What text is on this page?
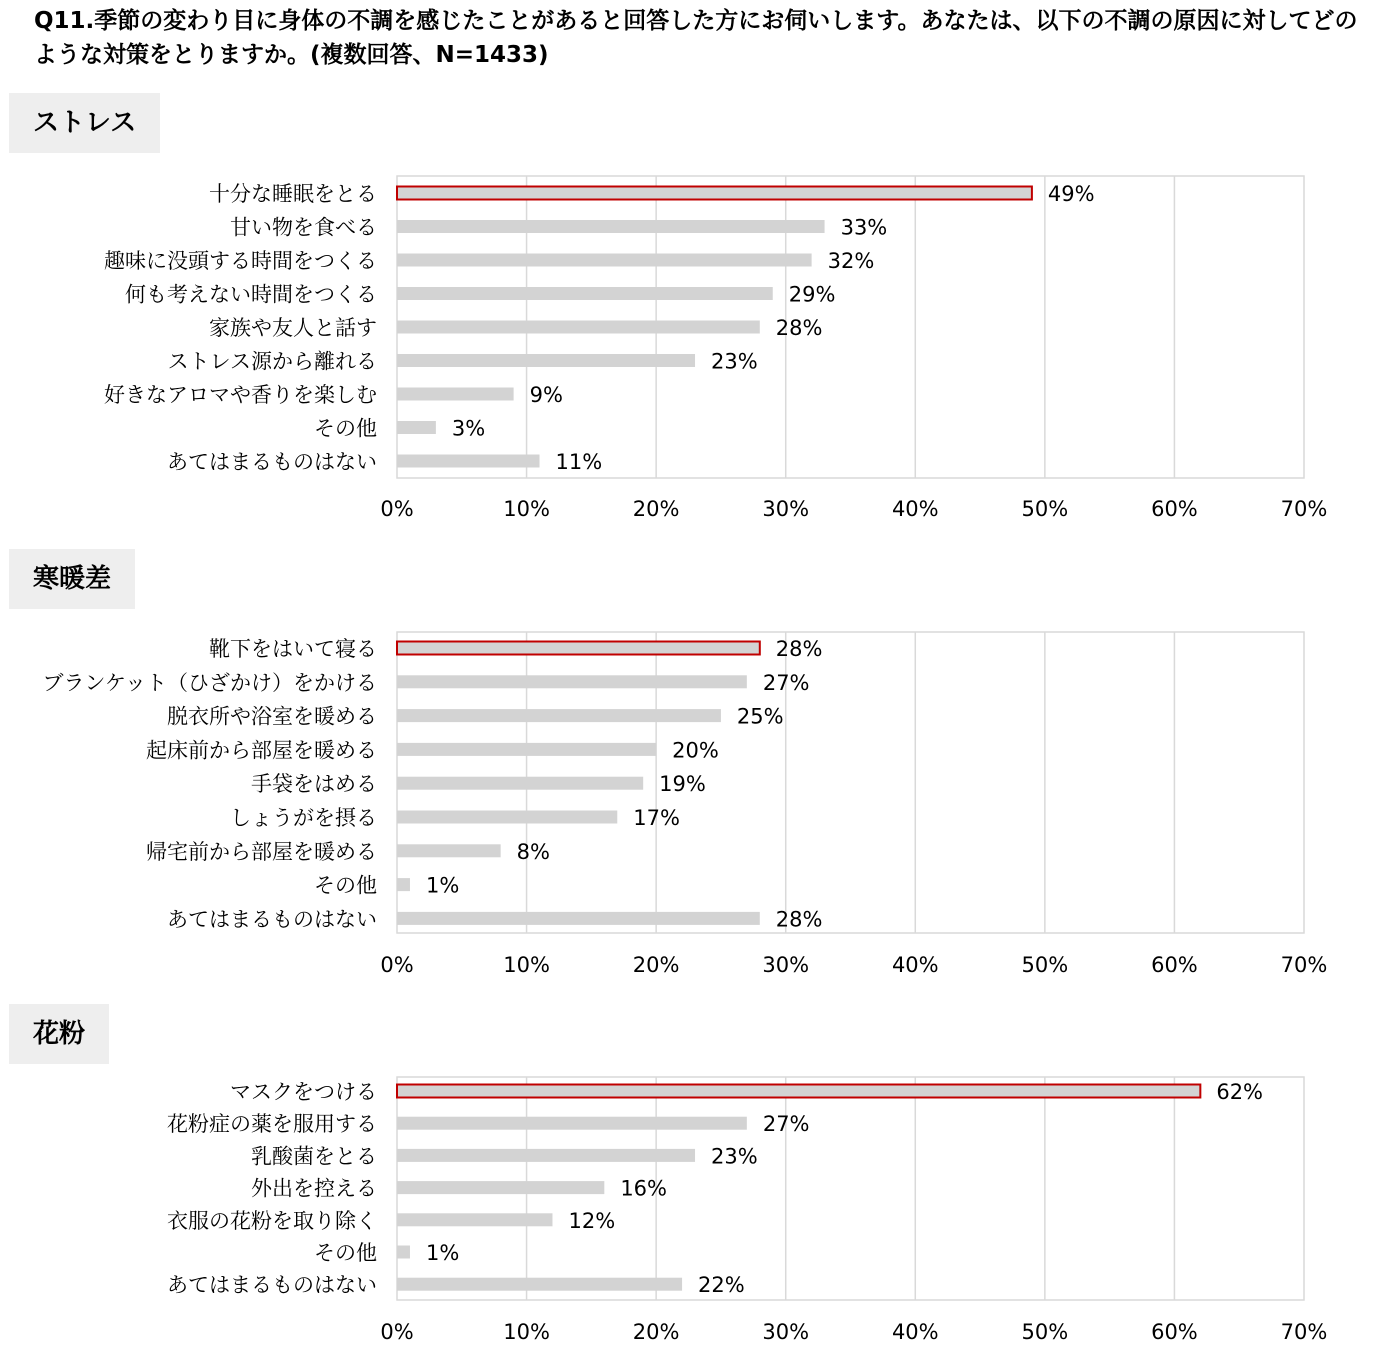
Q11.季節の変わり目に身体の不調を感じたことがあると回答した方にお伺いします。あなたは、以下の不調の原因に対してどのような対策をとりますか。(複数回答、N=1433)
ストレス
0%	10%	20%	30%	40%	50%	60%	70%
十分な睡眠をとる	49%
甘い物を食べる	33%
趣味に没頭する時間をつくる	32%
何も考えない時間をつくる	29%
家族や友人と話す	28%
ストレス源から離れる	23%
好きなアロマや香りを楽しむ	9%
その他	3%
あてはまるものはない	11%
寒暖差
0%	10%	20%	30%	40%	50%	60%	70%
靴下をはいて寝る	28%
ブランケット（ひざかけ）をかける	27%
脱衣所や浴室を暖める	25%
起床前から部屋を暖める	20%
手袋をはめる	19%
しょうがを摂る	17%
帰宅前から部屋を暖める	8%
その他 1%
あてはまるものはない	28%
花粉
0%	10%	20%	30%	40%	50%	60%	70%
マスクをつける	62%
花粉症の薬を服用する	27%
乳酸菌をとる	23%
外出を控える	16%
衣服の花粉を取り除く	12%
その他 1%
あてはまるものはない	22%
